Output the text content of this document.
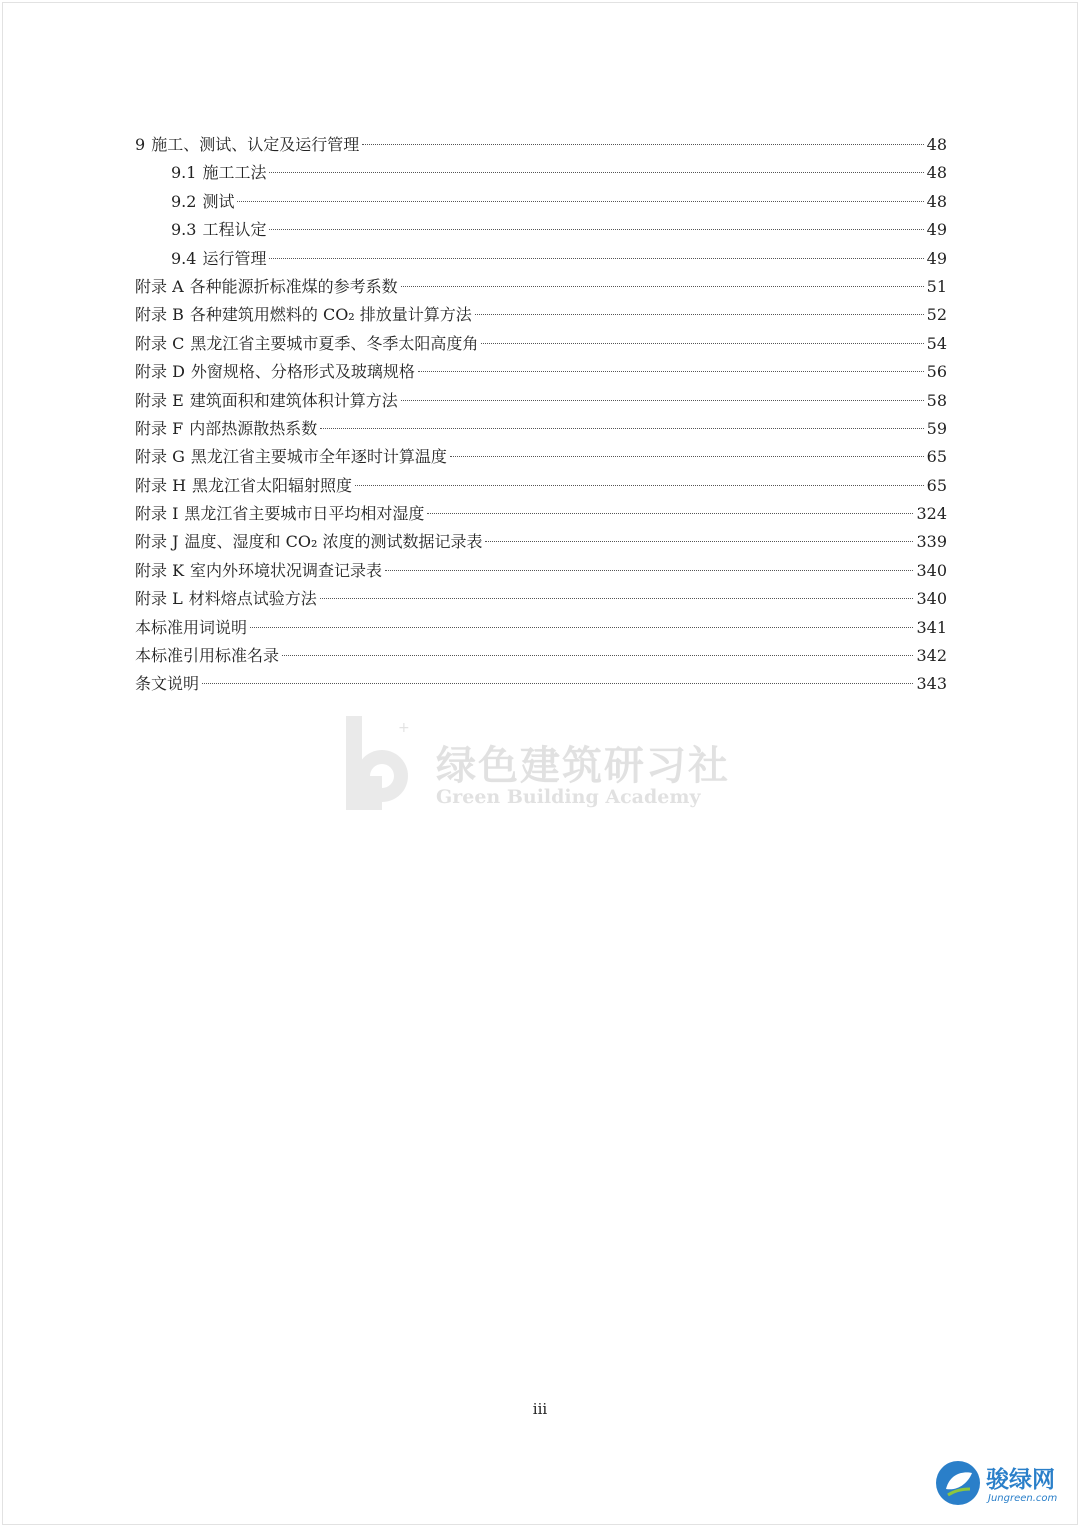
9 施工、测试、认定及运行管理	48
9.1 施工工法	48
9.2 测试	48
9.3 工程认定	49
9.4 运行管理	49
附录 A 各种能源折标准煤的参考系数	51
附录 B 各种建筑用燃料的 CO₂ 排放量计算方法	52
附录 C 黑龙江省主要城市夏季、冬季太阳高度角	54
附录 D 外窗规格、分格形式及玻璃规格	56
附录 E 建筑面积和建筑体积计算方法	58
附录 F 内部热源散热系数	59
附录 G 黑龙江省主要城市全年逐时计算温度	65
附录 H 黑龙江省太阳辐射照度	65
附录 I 黑龙江省主要城市日平均相对湿度	324
附录 J 温度、湿度和 CO₂ 浓度的测试数据记录表	339
附录 K 室内外环境状况调查记录表	340
附录 L 材料熔点试验方法	340
本标准用词说明	341
本标准引用标准名录	342
条文说明	343
+
绿色建筑研习社
Green Building Academy
iii
骏绿网
Jungreen.com
